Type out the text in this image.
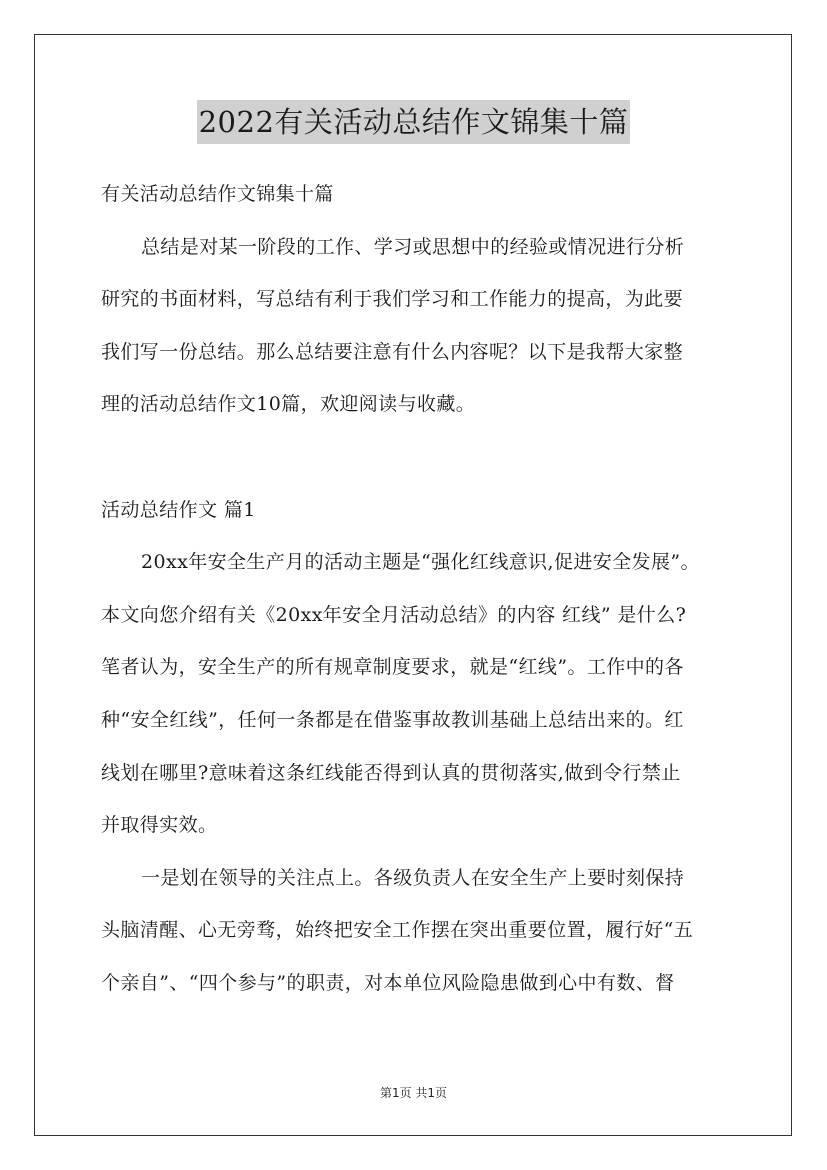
2022有关活动总结作文锦集十篇
有关活动总结作文锦集十篇
总结是对某一阶段的工作、学习或思想中的经验或情况进行分析
研究的书面材料，写总结有利于我们学习和工作能力的提高，为此要
我们写一份总结。那么总结要注意有什么内容呢？以下是我帮大家整
理的活动总结作文10篇，欢迎阅读与收藏。
活动总结作文 篇1
20xx年安全生产月的活动主题是“强化红线意识,促进安全发展”。
本文向您介绍有关《20xx年安全月活动总结》的内容 红线” 是什么?
笔者认为，安全生产的所有规章制度要求，就是“红线”。工作中的各
种“安全红线”，任何一条都是在借鉴事故教训基础上总结出来的。红
线划在哪里?意味着这条红线能否得到认真的贯彻落实,做到令行禁止
并取得实效。
一是划在领导的关注点上。各级负责人在安全生产上要时刻保持
头脑清醒、心无旁骛，始终把安全工作摆在突出重要位置，履行好“五
个亲自”、“四个参与”的职责，对本单位风险隐患做到心中有数、督
第1页 共1页
